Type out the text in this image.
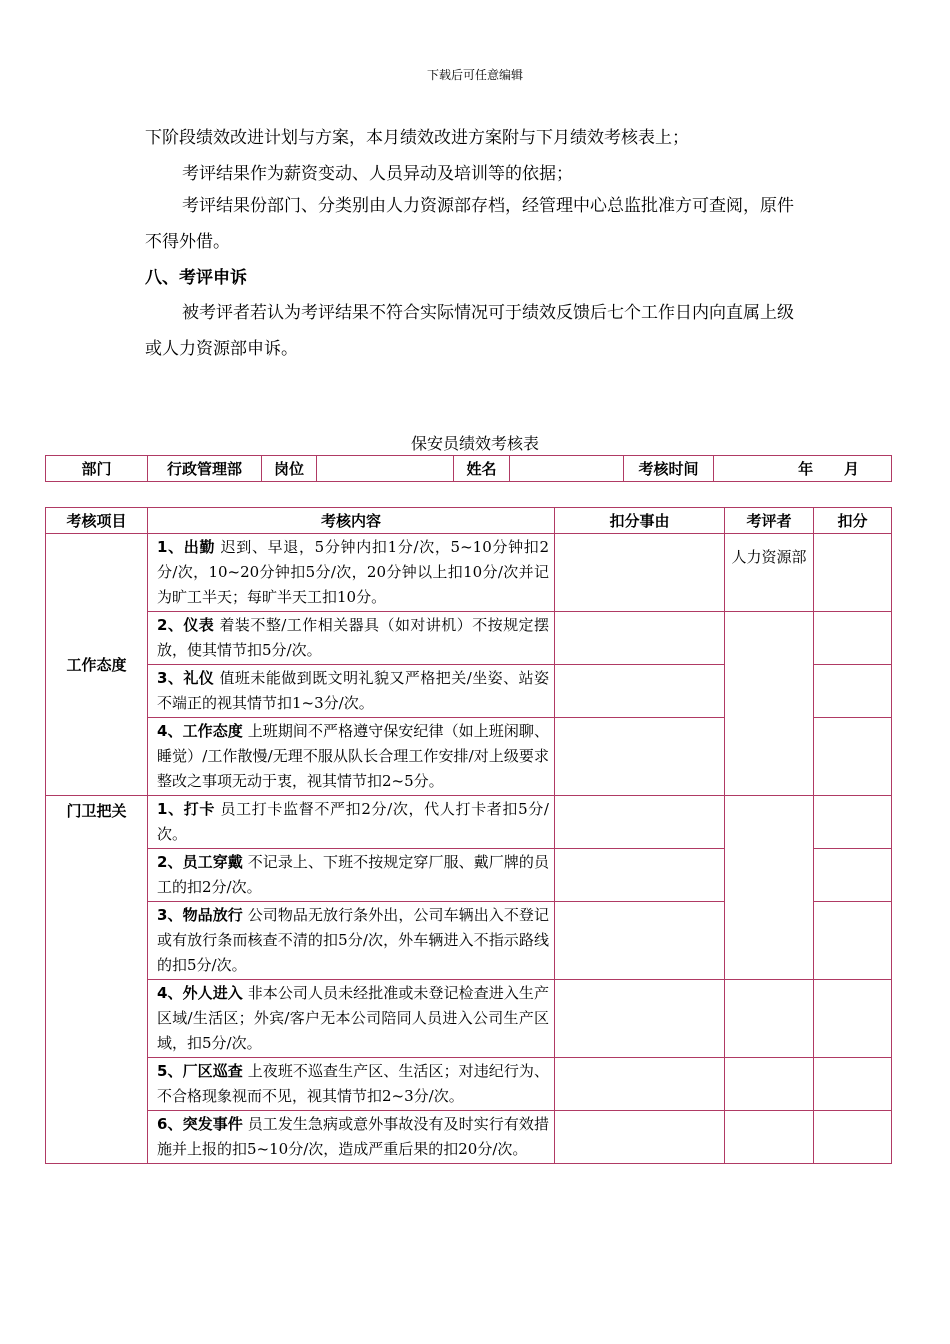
下载后可任意编辑
下阶段绩效改进计划与方案，本月绩效改进方案附与下月绩效考核表上；
考评结果作为薪资变动、人员异动及培训等的依据；
考评结果份部门、分类别由人力资源部存档，经管理中心总监批准方可查阅，原件不得外借。
八、考评申诉
被考评者若认为考评结果不符合实际情况可于绩效反馈后七个工作日内向直属上级或人力资源部申诉。
保安员绩效考核表
部门	行政管理部	岗位		姓名		考核时间	年    月
考核项目	考核内容	扣分事由	考评者	扣分
工作态度	1、出勤 迟到、早退，5分钟内扣1分/次，5~10分钟扣2分/次，10~20分钟扣5分/次，20分钟以上扣10分/次并记为旷工半天；每旷半天工扣10分。		人力资源部	
	2、仪表 着装不整/工作相关器具（如对讲机）不按规定摆放，使其情节扣5分/次。			
	3、礼仪 值班未能做到既文明礼貌又严格把关/坐姿、站姿不端正的视其情节扣1~3分/次。			
	4、工作态度 上班期间不严格遵守保安纪律（如上班闲聊、睡觉）/工作散慢/无理不服从队长合理工作安排/对上级要求整改之事项无动于衷，视其情节扣2~5分。			
门卫把关	1、打卡 员工打卡监督不严扣2分/次，代人打卡者扣5分/次。			
	2、员工穿戴 不记录上、下班不按规定穿厂服、戴厂牌的员工的扣2分/次。			
	3、物品放行 公司物品无放行条外出，公司车辆出入不登记或有放行条而核查不清的扣5分/次，外车辆进入不指示路线的扣5分/次。			
	4、外人进入 非本公司人员未经批准或未登记检查进入生产区域/生活区；外宾/客户无本公司陪同人员进入公司生产区域，扣5分/次。			
	5、厂区巡查 上夜班不巡查生产区、生活区；对违纪行为、不合格现象视而不见，视其情节扣2~3分/次。			
	6、突发事件 员工发生急病或意外事故没有及时实行有效措施并上报的扣5~10分/次，造成严重后果的扣20分/次。			
